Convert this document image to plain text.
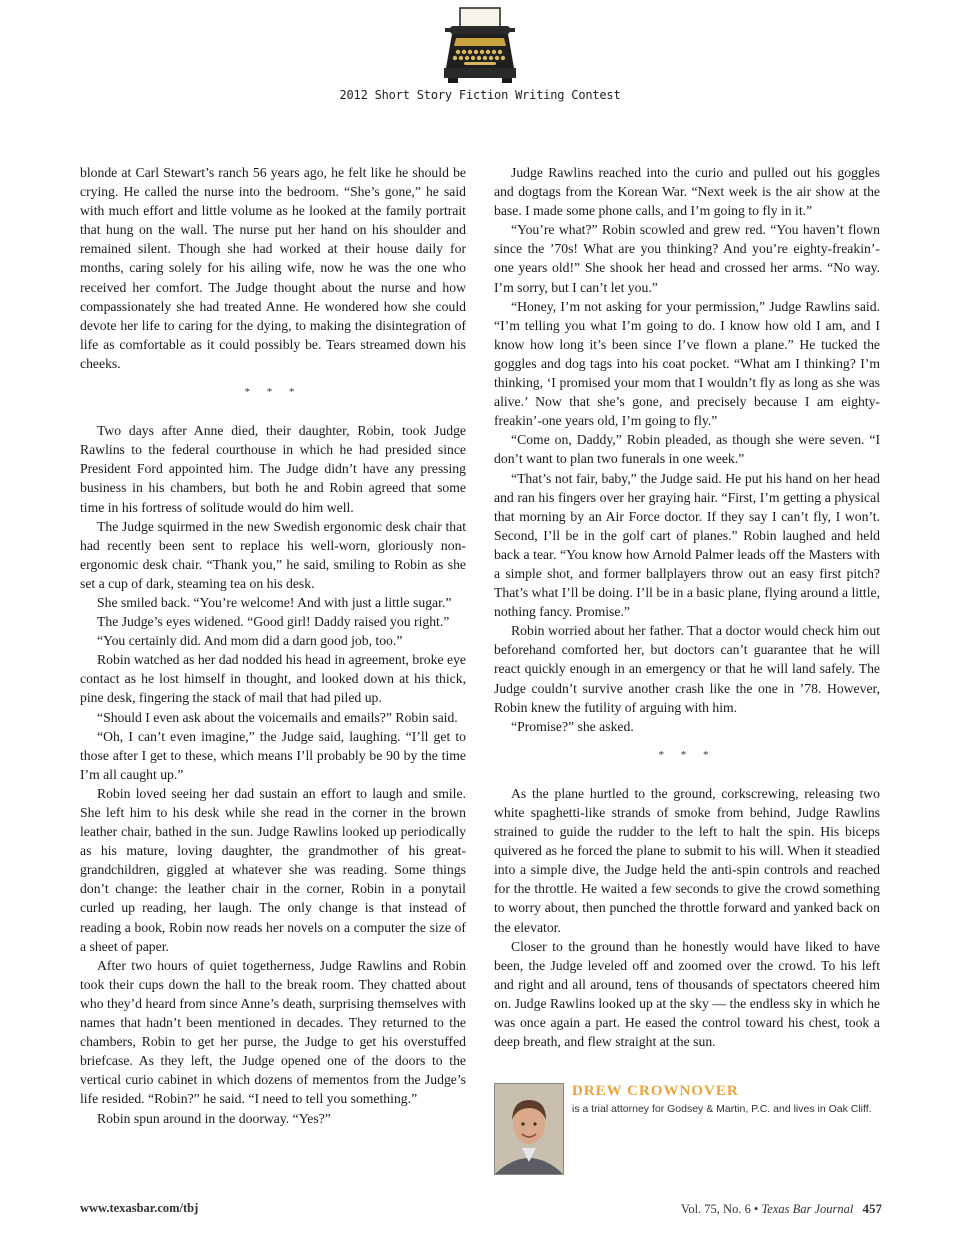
2012 Short Story Fiction Writing Contest

blonde at Carl Stewart’s ranch 56 years ago, he felt like he should be crying. He called the nurse into the bedroom. “She’s gone,” he said with much effort and little volume as he looked at the family portrait that hung on the wall. The nurse put her hand on his shoulder and remained silent. Though she had worked at their house daily for months, caring solely for his ailing wife, now he was the one who received her comfort. The Judge thought about the nurse and how compassionately she had treated Anne. He wondered how she could devote her life to caring for the dying, to making the disintegration of life as comfortable as it could possibly be. Tears streamed down his cheeks.

* * *

Two days after Anne died, their daughter, Robin, took Judge Rawlins to the federal courthouse in which he had presided since President Ford appointed him. The Judge didn’t have any pressing business in his chambers, but both he and Robin agreed that some time in his fortress of solitude would do him well.

The Judge squirmed in the new Swedish ergonomic desk chair that had recently been sent to replace his well-worn, gloriously non-ergonomic desk chair. “Thank you,” he said, smiling to Robin as she set a cup of dark, steaming tea on his desk.

She smiled back. “You’re welcome! And with just a little sugar.”

The Judge’s eyes widened. “Good girl! Daddy raised you right.”

“You certainly did. And mom did a darn good job, too.”

Robin watched as her dad nodded his head in agreement, broke eye contact as he lost himself in thought, and looked down at his thick, pine desk, fingering the stack of mail that had piled up.

“Should I even ask about the voicemails and emails?” Robin said.

“Oh, I can’t even imagine,” the Judge said, laughing. “I’ll get to those after I get to these, which means I’ll probably be 90 by the time I’m all caught up.”

Robin loved seeing her dad sustain an effort to laugh and smile. She left him to his desk while she read in the corner in the brown leather chair, bathed in the sun. Judge Rawlins looked up periodically as his mature, loving daughter, the grandmother of his great-grandchildren, giggled at whatever she was reading. Some things don’t change: the leather chair in the corner, Robin in a ponytail curled up reading, her laugh. The only change is that instead of reading a book, Robin now reads her novels on a computer the size of a sheet of paper.

After two hours of quiet togetherness, Judge Rawlins and Robin took their cups down the hall to the break room. They chatted about who they’d heard from since Anne’s death, surprising themselves with names that hadn’t been mentioned in decades. They returned to the chambers, Robin to get her purse, the Judge to get his overstuffed briefcase. As they left, the Judge opened one of the doors to the vertical curio cabinet in which dozens of mementos from the Judge’s life resided. “Robin?” he said. “I need to tell you something.”

Robin spun around in the doorway. “Yes?”

Judge Rawlins reached into the curio and pulled out his goggles and dogtags from the Korean War. “Next week is the air show at the base. I made some phone calls, and I’m going to fly in it.”

“You’re what?” Robin scowled and grew red. “You haven’t flown since the ’70s! What are you thinking? And you’re eighty-freakin’-one years old!” She shook her head and crossed her arms. “No way. I’m sorry, but I can’t let you.”

“Honey, I’m not asking for your permission,” Judge Rawlins said. “I’m telling you what I’m going to do. I know how old I am, and I know how long it’s been since I’ve flown a plane.” He tucked the goggles and dog tags into his coat pocket. “What am I thinking? I’m thinking, ‘I promised your mom that I wouldn’t fly as long as she was alive.’ Now that she’s gone, and precisely because I am eighty-freakin’-one years old, I’m going to fly.”

“Come on, Daddy,” Robin pleaded, as though she were seven. “I don’t want to plan two funerals in one week.”

“That’s not fair, baby,” the Judge said. He put his hand on her head and ran his fingers over her graying hair. “First, I’m getting a physical that morning by an Air Force doctor. If they say I can’t fly, I won’t. Second, I’ll be in the golf cart of planes.” Robin laughed and held back a tear. “You know how Arnold Palmer leads off the Masters with a simple shot, and former ballplayers throw out an easy first pitch? That’s what I’ll be doing. I’ll be in a basic plane, flying around a little, nothing fancy. Promise.”

Robin worried about her father. That a doctor would check him out beforehand comforted her, but doctors can’t guarantee that he will react quickly enough in an emergency or that he will land safely. The Judge couldn’t survive another crash like the one in ’78. However, Robin knew the futility of arguing with him.

“Promise?” she asked.

* * *

As the plane hurtled to the ground, corkscrewing, releasing two white spaghetti-like strands of smoke from behind, Judge Rawlins strained to guide the rudder to the left to halt the spin. His biceps quivered as he forced the plane to submit to his will. When it steadied into a simple dive, the Judge held the anti-spin controls and reached for the throttle. He waited a few seconds to give the crowd something to worry about, then punched the throttle forward and yanked back on the elevator.

Closer to the ground than he honestly would have liked to have been, the Judge leveled off and zoomed over the crowd. To his left and right and all around, tens of thousands of spectators cheered him on. Judge Rawlins looked up at the sky — the endless sky in which he was once again a part. He eased the control toward his chest, took a deep breath, and flew straight at the sun.

DREW CROWNOVER
is a trial attorney for Godsey & Martin, P.C. and lives in Oak Cliff.
www.texasbar.com/tbj	Vol. 75, No. 6 • Texas Bar Journal 457
